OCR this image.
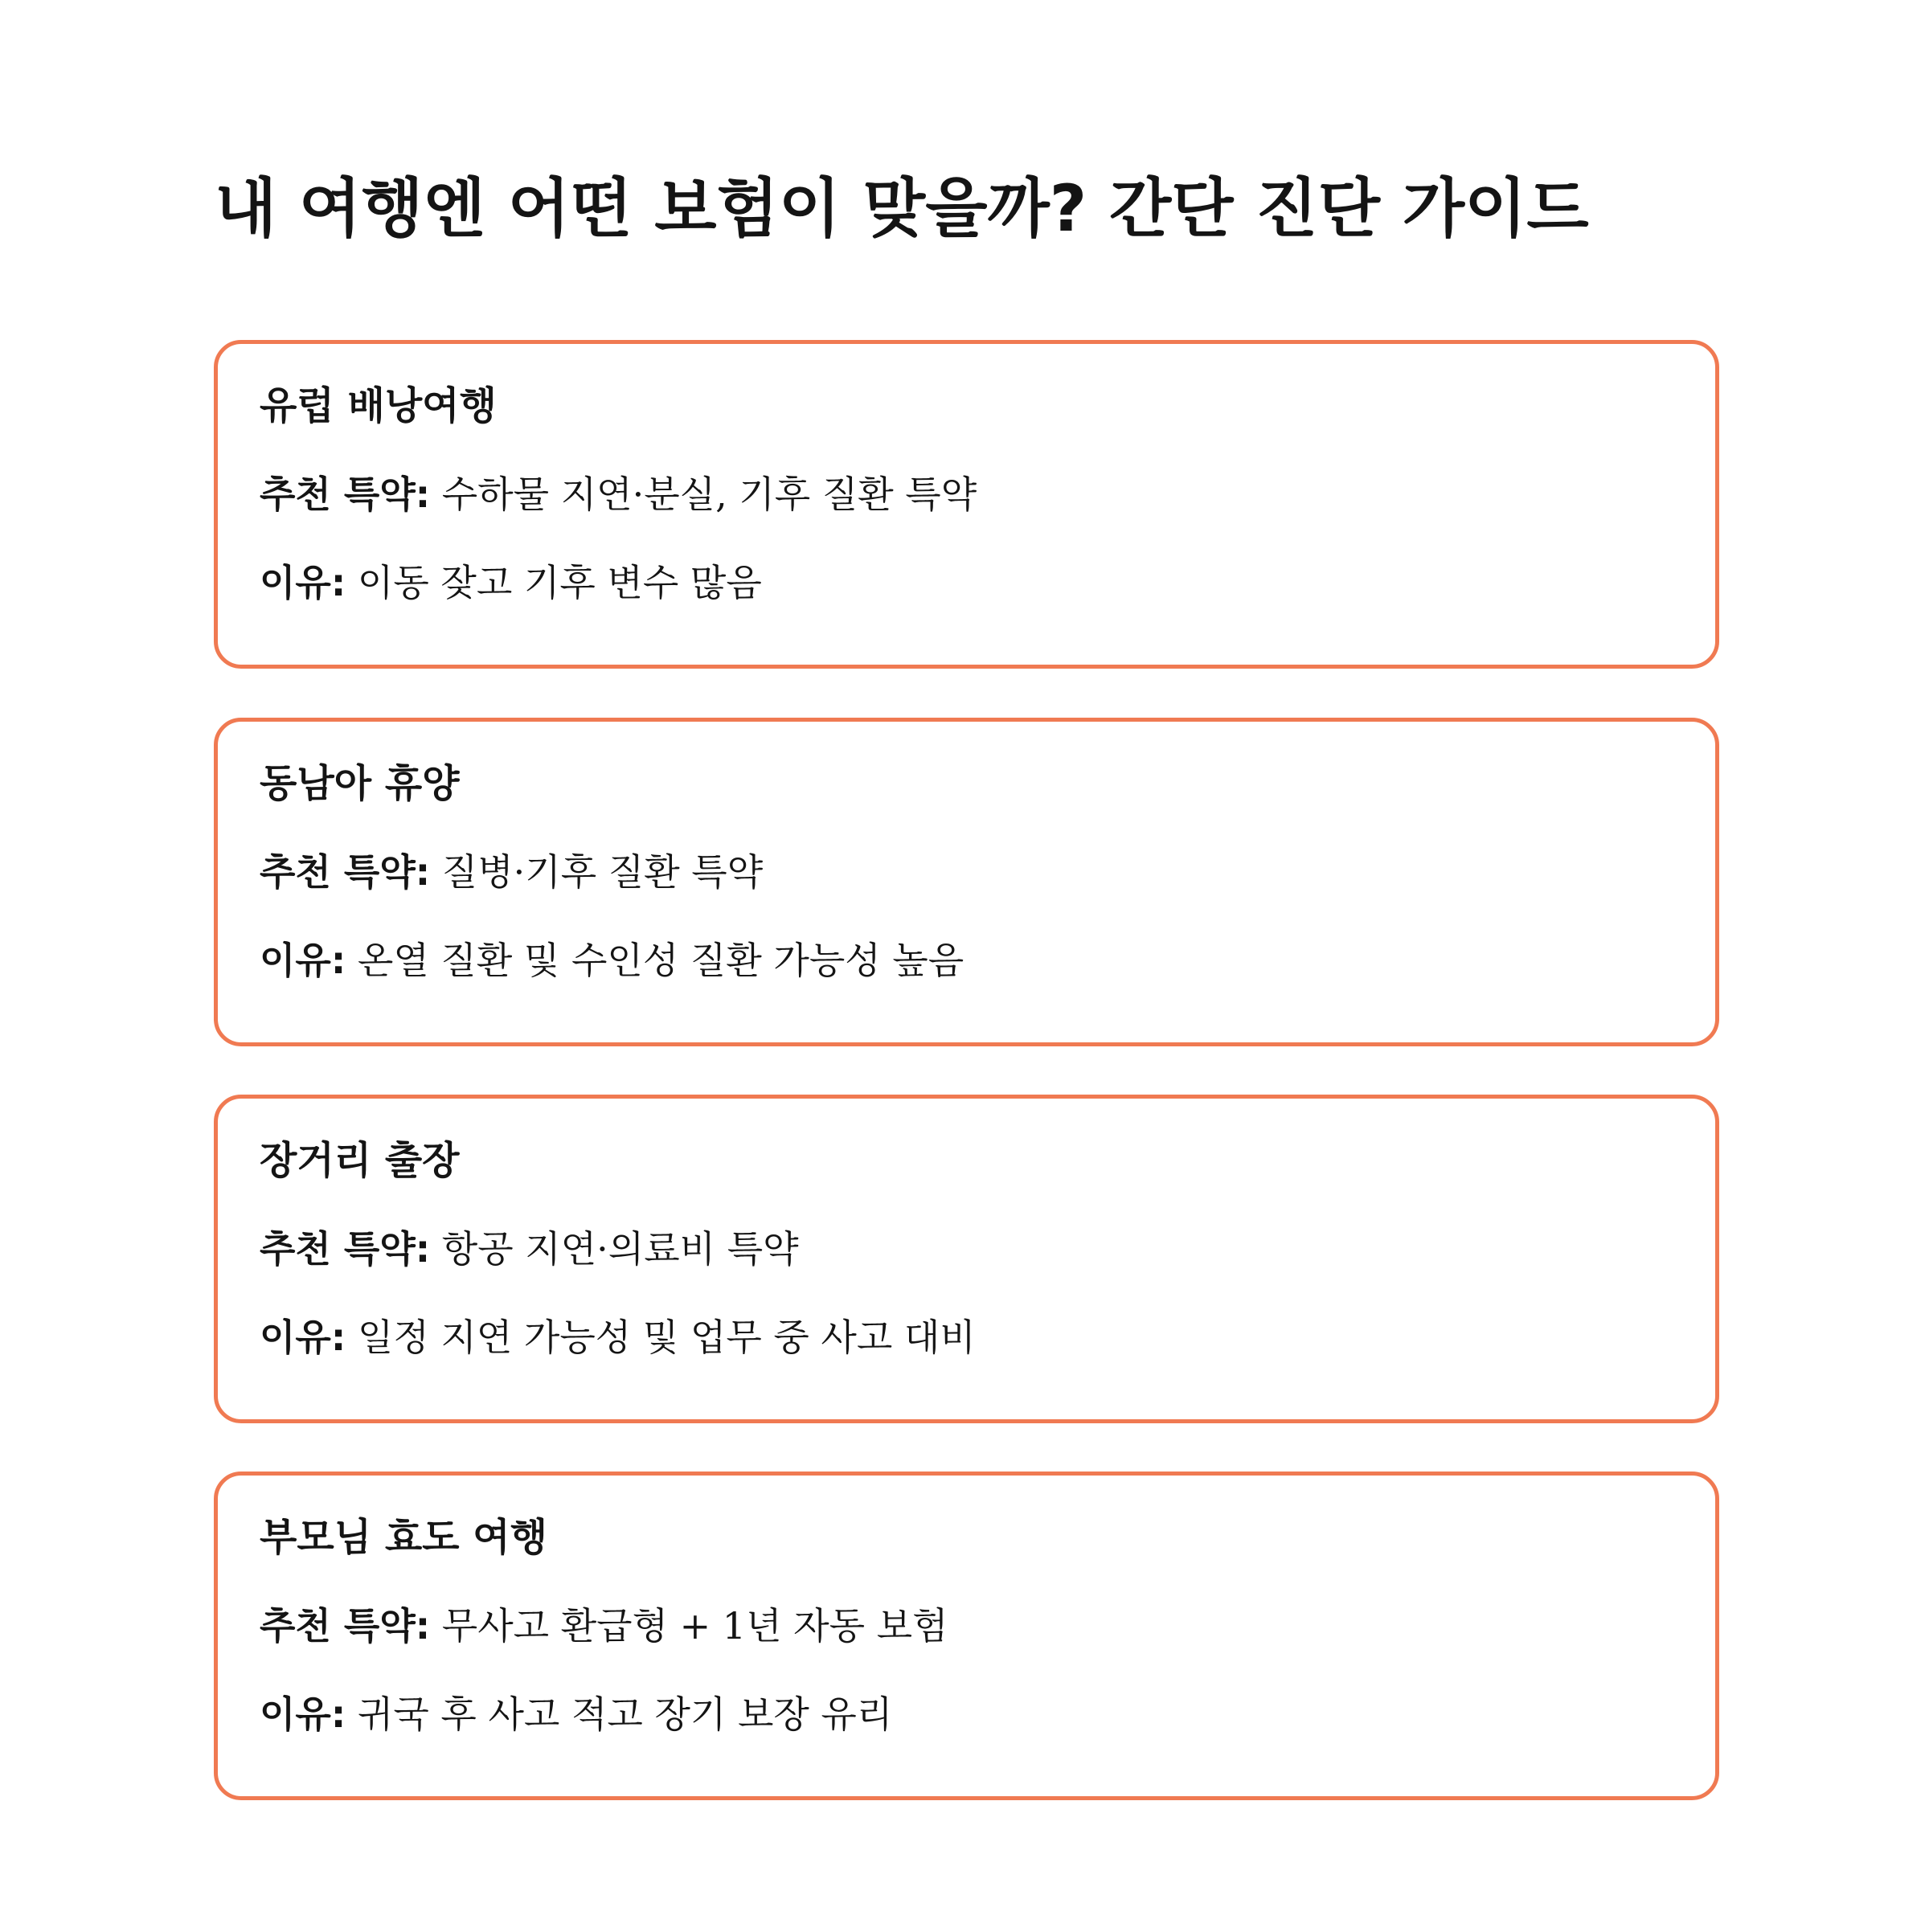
내 여행엔 어떤 보험이 맞을까? 간단 진단 가이드
유럽 배낭여행

추천 특약: 수하물 지연·분실, 기후 질환 특약

이유: 이동 잦고 기후 변수 많음

동남아 휴양

추천 특약: 질병·기후 질환 특약

이유: 온열 질환 및 수인성 질환 가능성 높음

장거리 출장

추천 특약: 항공 지연·의료비 특약

이유: 일정 지연 가능성 및 업무 중 사고 대비

부모님 효도 여행

추천 특약: 무사고 환급형 + 1년 자동 보험

이유: 귀국 후 사고 적고 장기 보장 유리
